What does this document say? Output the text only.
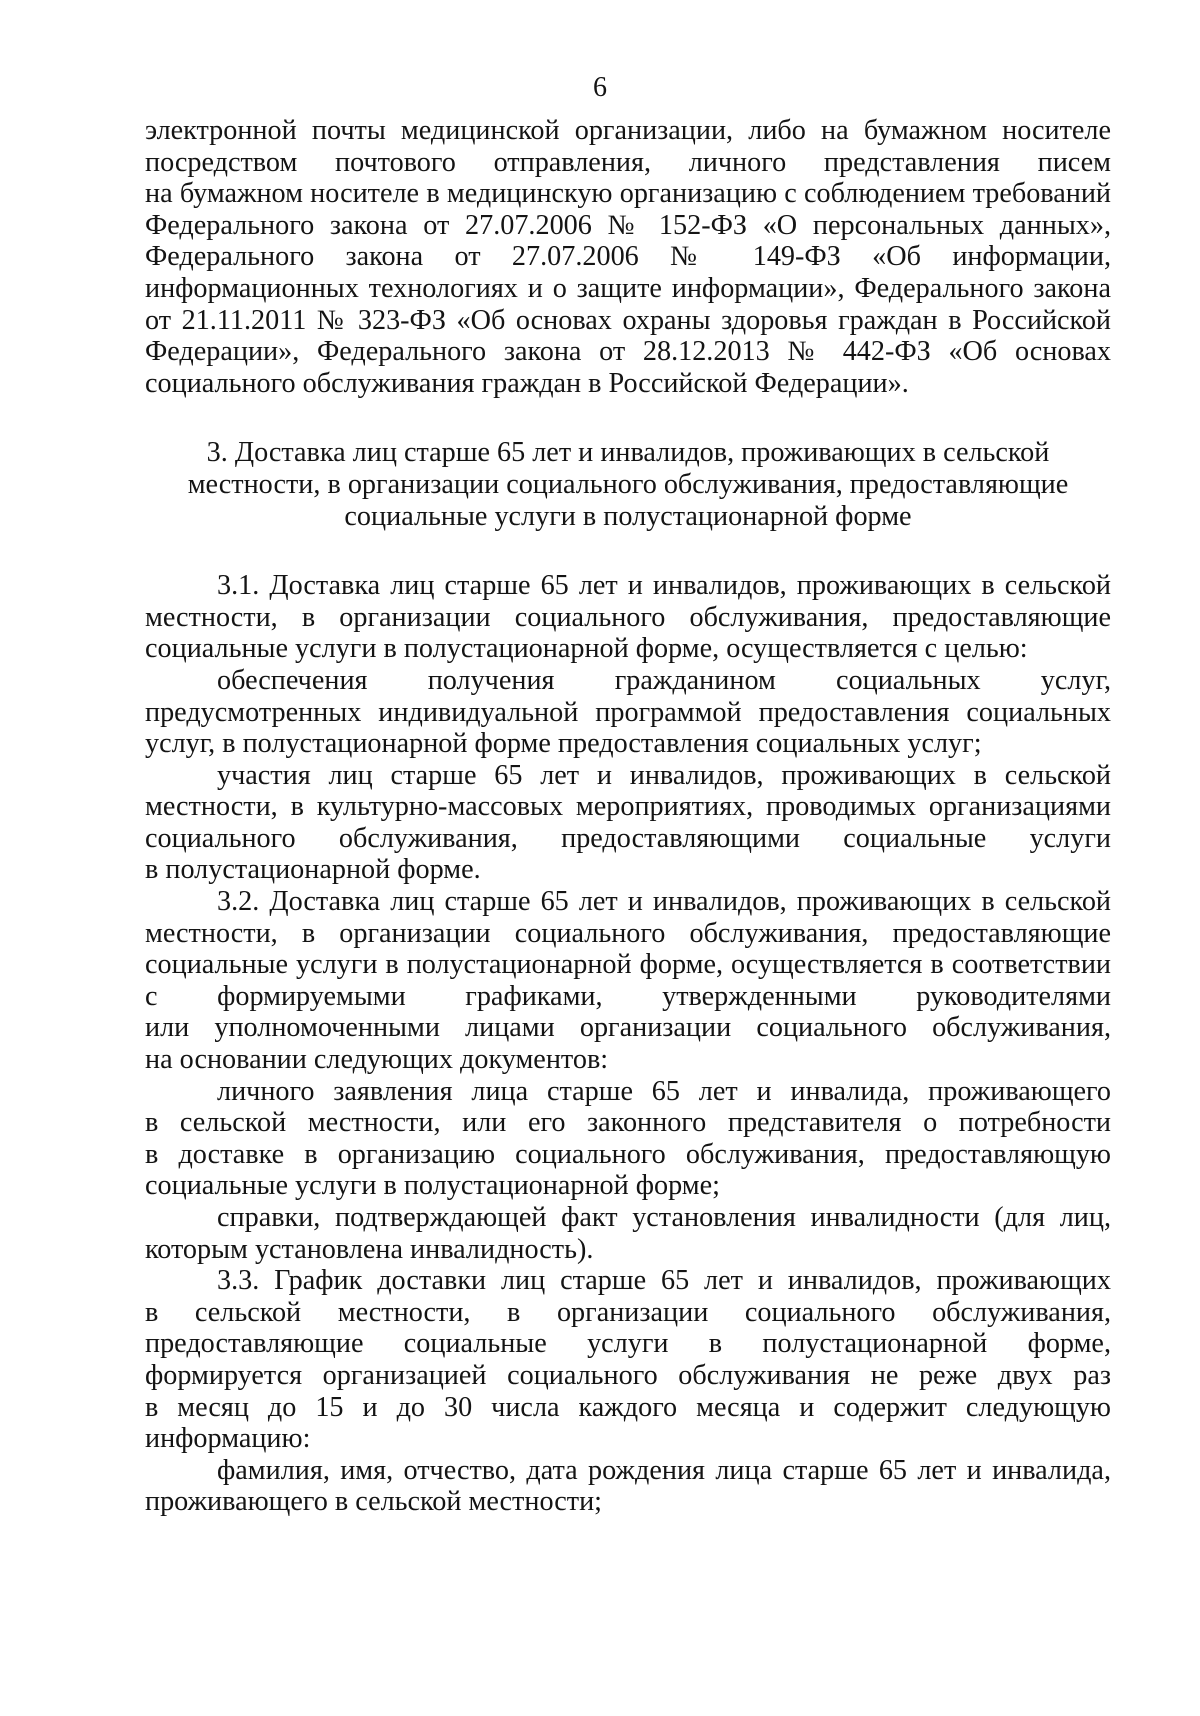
6

электронной почты медицинской организации, либо на бумажном носителе

посредством почтового отправления, личного представления писем

на бумажном носителе в медицинскую организацию с соблюдением требований

Федерального закона от 27.07.2006 № 152-ФЗ «О персональных данных»,

Федерального закона от 27.07.2006 № 149-ФЗ «Об информации,

информационных технологиях и о защите информации», Федерального закона

от 21.11.2011 № 323-ФЗ «Об основах охраны здоровья граждан в Российской

Федерации», Федерального закона от 28.12.2013 № 442-ФЗ «Об основах

социального обслуживания граждан в Российской Федерации».

3. Доставка лиц старше 65 лет и инвалидов, проживающих в сельской

местности, в организации социального обслуживания, предоставляющие

социальные услуги в полустационарной форме

3.1. Доставка лиц старше 65 лет и инвалидов, проживающих в сельской

местности, в организации социального обслуживания, предоставляющие

социальные услуги в полустационарной форме, осуществляется с целью:

обеспечения получения гражданином социальных услуг,

предусмотренных индивидуальной программой предоставления социальных

услуг, в полустационарной форме предоставления социальных услуг;

участия лиц старше 65 лет и инвалидов, проживающих в сельской

местности, в культурно-массовых мероприятиях, проводимых организациями

социального обслуживания, предоставляющими социальные услуги

в полустационарной форме.

3.2. Доставка лиц старше 65 лет и инвалидов, проживающих в сельской

местности, в организации социального обслуживания, предоставляющие

социальные услуги в полустационарной форме, осуществляется в соответствии

с формируемыми графиками, утвержденными руководителями

или уполномоченными лицами организации социального обслуживания,

на основании следующих документов:

личного заявления лица старше 65 лет и инвалида, проживающего

в сельской местности, или его законного представителя о потребности

в доставке в организацию социального обслуживания, предоставляющую

социальные услуги в полустационарной форме;

справки, подтверждающей факт установления инвалидности (для лиц,

которым установлена инвалидность).

3.3. График доставки лиц старше 65 лет и инвалидов, проживающих

в сельской местности, в организации социального обслуживания,

предоставляющие социальные услуги в полустационарной форме,

формируется организацией социального обслуживания не реже двух раз

в месяц до 15 и до 30 числа каждого месяца и содержит следующую

информацию:

фамилия, имя, отчество, дата рождения лица старше 65 лет и инвалида,

проживающего в сельской местности;
